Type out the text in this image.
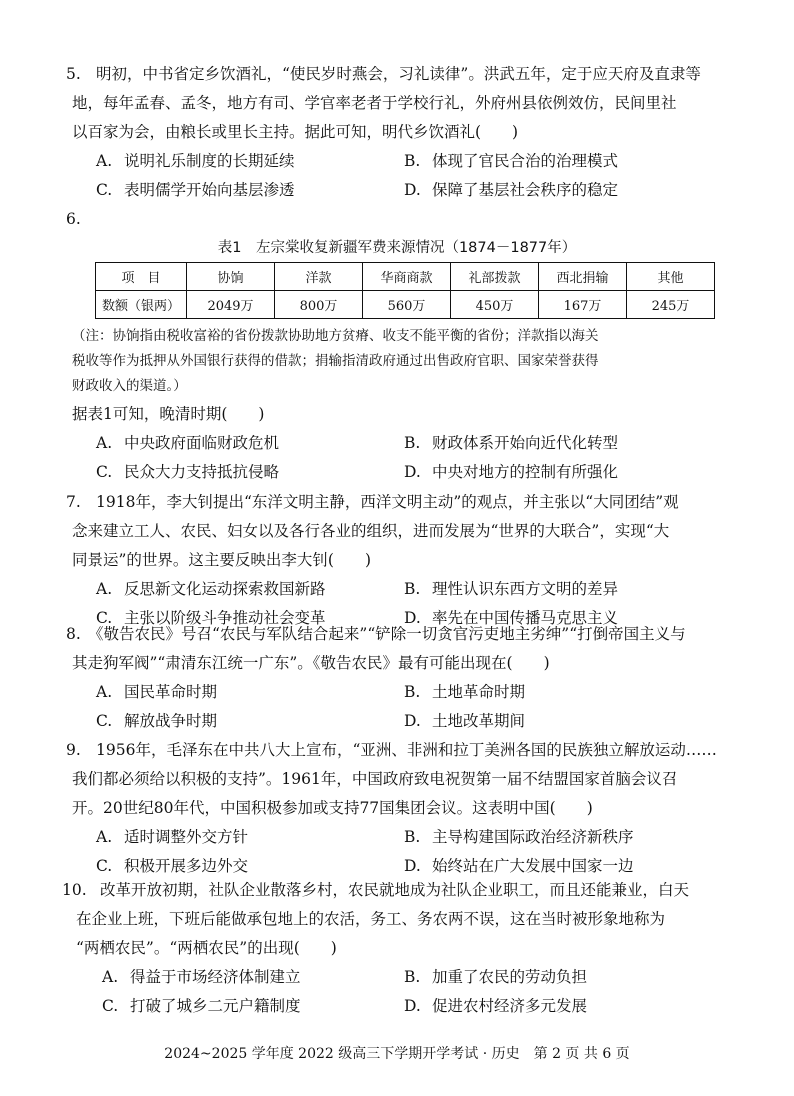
5. 明初，中书省定乡饮酒礼，“使民岁时燕会，习礼读律”。洪武五年，定于应天府及直隶等
地，每年孟春、孟冬，地方有司、学官率老者于学校行礼，外府州县依例效仿，民间里社
以百家为会，由粮长或里长主持。据此可知，明代乡饮酒礼(　　)
A. 说明礼乐制度的长期延续	B. 体现了官民合治的治理模式
C. 表明儒学开始向基层渗透	D. 保障了基层社会秩序的稳定
6.
表1　左宗棠收复新疆军费来源情况（1874－1877年）
项　目	协饷	洋款	华商商款	礼部拨款	西北捐输	其他
数额（银两）	2049万	800万	560万	450万	167万	245万
（注：协饷指由税收富裕的省份拨款协助地方贫瘠、收支不能平衡的省份；洋款指以海关
税收等作为抵押从外国银行获得的借款；捐输指清政府通过出售政府官职、国家荣誉获得
财政收入的渠道。）
据表1可知，晚清时期(　　)
A. 中央政府面临财政危机	B. 财政体系开始向近代化转型
C. 民众大力支持抵抗侵略	D. 中央对地方的控制有所强化
7. 1918年，李大钊提出“东洋文明主静，西洋文明主动”的观点，并主张以“大同团结”观
念来建立工人、农民、妇女以及各行各业的组织，进而发展为“世界的大联合”，实现“大
同景运”的世界。这主要反映出李大钊(　　)
A. 反思新文化运动探索救国新路	B. 理性认识东西方文明的差异
C. 主张以阶级斗争推动社会变革	D. 率先在中国传播马克思主义
8. 《敬告农民》号召“农民与军队结合起来”“铲除一切贪官污吏地主劣绅”“打倒帝国主义与
其走狗军阀”“肃清东江统一广东”。《敬告农民》最有可能出现在(　　)
A. 国民革命时期	B. 土地革命时期
C. 解放战争时期	D. 土地改革期间
9. 1956年，毛泽东在中共八大上宣布，“亚洲、非洲和拉丁美洲各国的民族独立解放运动……
我们都必须给以积极的支持”。1961年，中国政府致电祝贺第一届不结盟国家首脑会议召
开。20世纪80年代，中国积极参加或支持77国集团会议。这表明中国(　　)
A. 适时调整外交方针	B. 主导构建国际政治经济新秩序
C. 积极开展多边外交	D. 始终站在广大发展中国家一边
10. 改革开放初期，社队企业散落乡村，农民就地成为社队企业职工，而且还能兼业，白天
在企业上班，下班后能做承包地上的农活，务工、务农两不误，这在当时被形象地称为
“两栖农民”。“两栖农民”的出现(　　)
A. 得益于市场经济体制建立	B. 加重了农民的劳动负担
C. 打破了城乡二元户籍制度	D. 促进农村经济多元发展
2024~2025 学年度 2022 级高三下学期开学考试 · 历史　第 2 页 共 6 页
